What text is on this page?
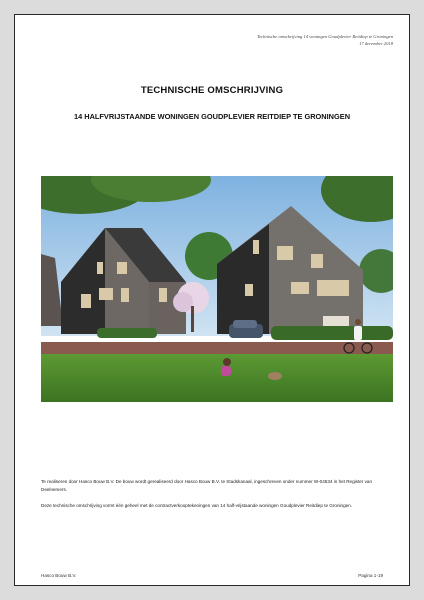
Technische omschrijving 14 woningen Goudplevier Reitdiep te Groningen
17 december 2018
TECHNISCHE OMSCHRIJVING
14 HALFVRIJSTAANDE WONINGEN GOUDPLEVIER REITDIEP TE GRONINGEN

Te realiseren door Hasco Bouw B.V. De bouw wordt gerealiseerd door Hasco Bouw B.V. te Stadskanaal, ingeschreven onder nummer W-04534 in het Register van Deelnemers.

Deze technische omschrijving vormt één geheel met de contractverkooptekeningen van 14 half-vrijstaande woningen Goudplevier Reitdiep te Groningen.

Hasco Bouw B.V.	Pagina 1-19
